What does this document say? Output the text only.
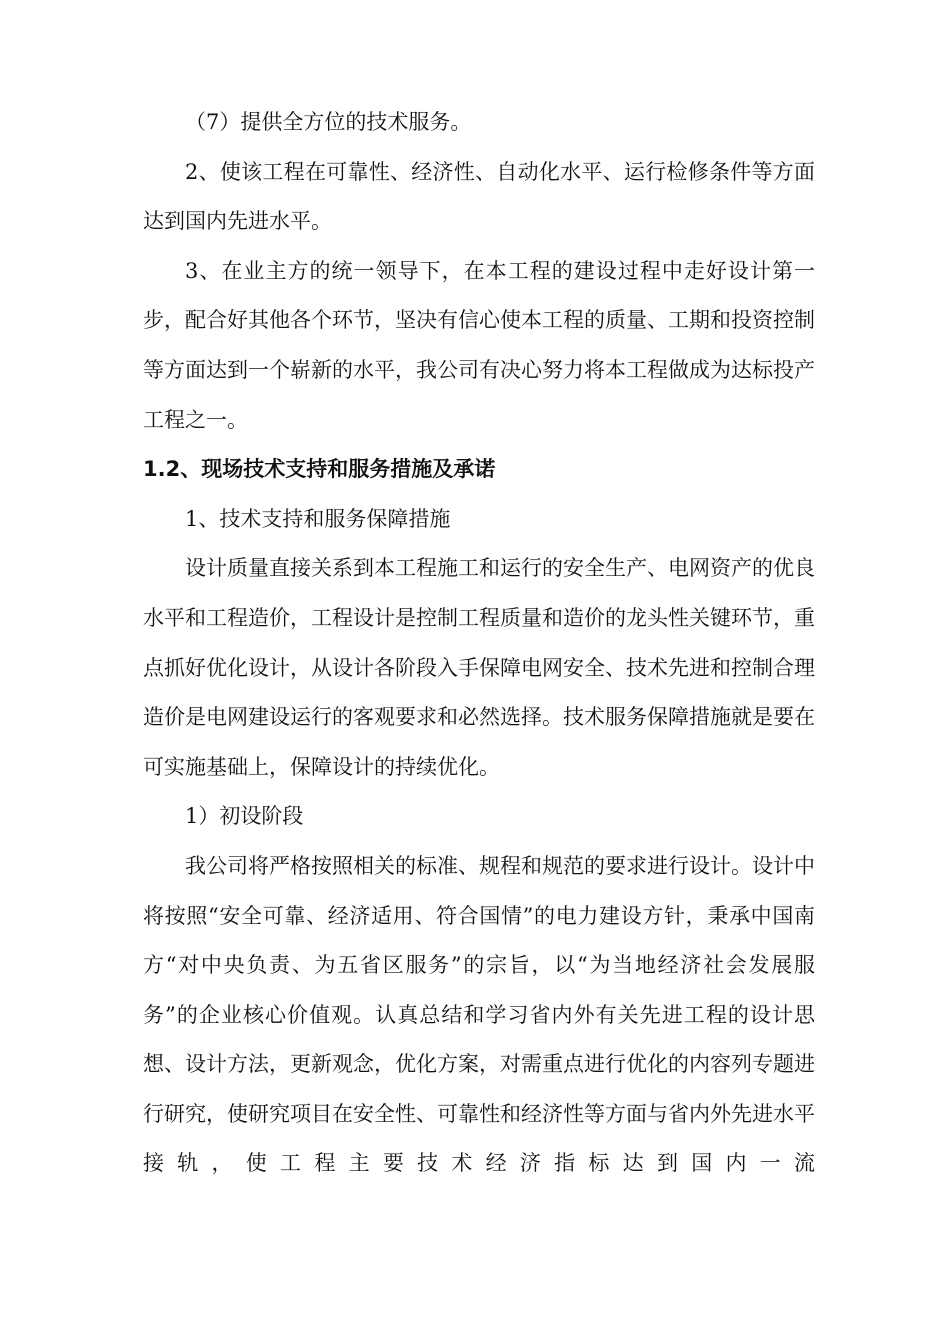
（7）提供全方位的技术服务。

2、使该工程在可靠性、经济性、自动化水平、运行检修条件等方面达到国内先进水平。

3、在业主方的统一领导下，在本工程的建设过程中走好设计第一步，配合好其他各个环节，坚决有信心使本工程的质量、工期和投资控制等方面达到一个崭新的水平，我公司有决心努力将本工程做成为达标投产工程之一。

1.2、现场技术支持和服务措施及承诺

1、技术支持和服务保障措施

设计质量直接关系到本工程施工和运行的安全生产、电网资产的优良水平和工程造价，工程设计是控制工程质量和造价的龙头性关键环节，重点抓好优化设计，从设计各阶段入手保障电网安全、技术先进和控制合理造价是电网建设运行的客观要求和必然选择。技术服务保障措施就是要在可实施基础上，保障设计的持续优化。

1）初设阶段

我公司将严格按照相关的标准、规程和规范的要求进行设计。设计中将按照“安全可靠、经济适用、符合国情”的电力建设方针，秉承中国南方“对中央负责、为五省区服务”的宗旨，以“为当地经济社会发展服务”的企业核心价值观。认真总结和学习省内外有关先进工程的设计思想、设计方法，更新观念，优化方案，对需重点进行优化的内容列专题进行研究，使研究项目在安全性、可靠性和经济性等方面与省内外先进水平接轨，使工程主要技术经济指标达到国内一流
